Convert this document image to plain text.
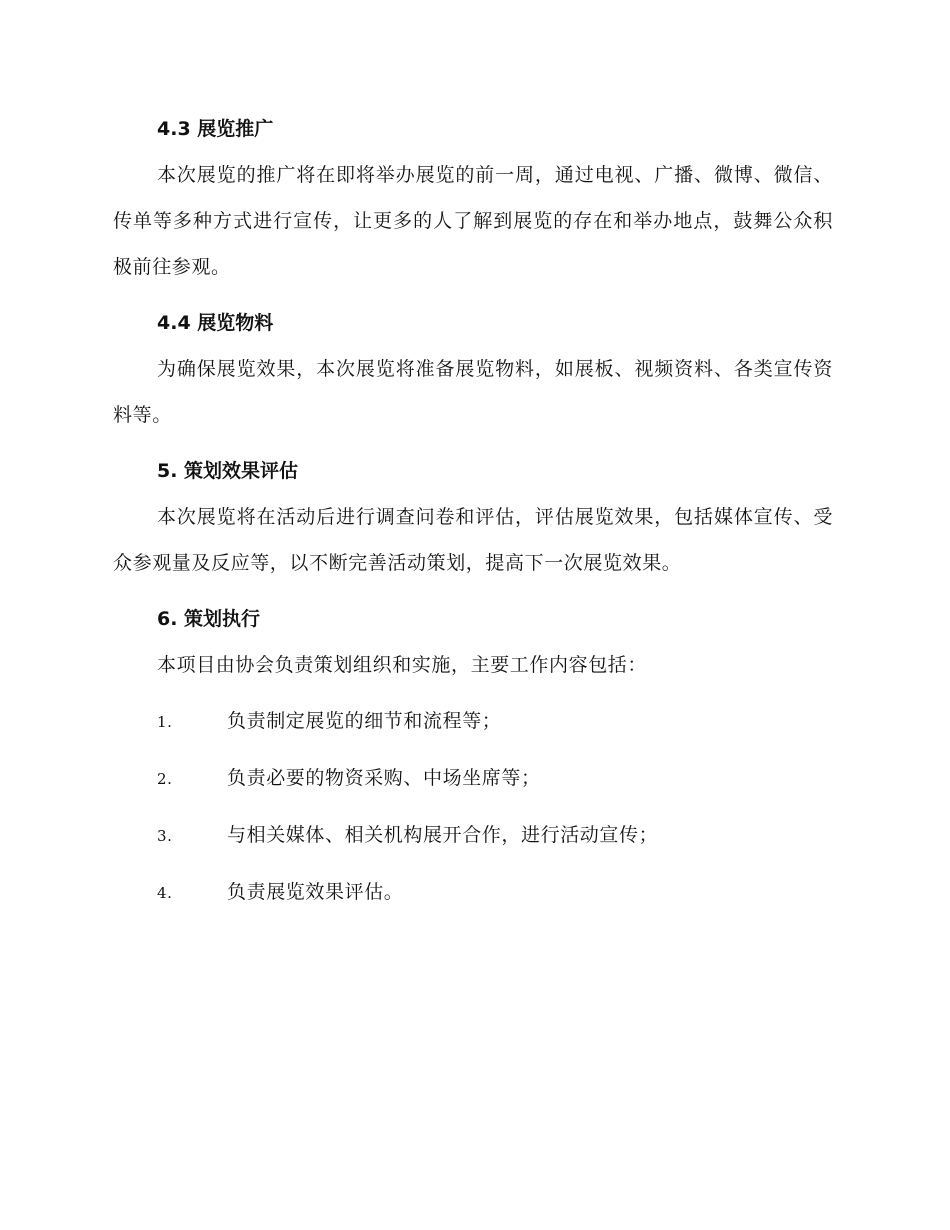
4.3 展览推广

本次展览的推广将在即将举办展览的前一周，通过电视、广播、微博、微信、传单等多种方式进行宣传，让更多的人了解到展览的存在和举办地点，鼓舞公众积极前往参观。

4.4 展览物料

为确保展览效果，本次展览将准备展览物料，如展板、视频资料、各类宣传资料等。

5. 策划效果评估

本次展览将在活动后进行调查问卷和评估，评估展览效果，包括媒体宣传、受众参观量及反应等，以不断完善活动策划，提高下一次展览效果。

6. 策划执行

本项目由协会负责策划组织和实施，主要工作内容包括：

1.	负责制定展览的细节和流程等；
2.	负责必要的物资采购、中场坐席等；
3.	与相关媒体、相关机构展开合作，进行活动宣传；
4.	负责展览效果评估。
